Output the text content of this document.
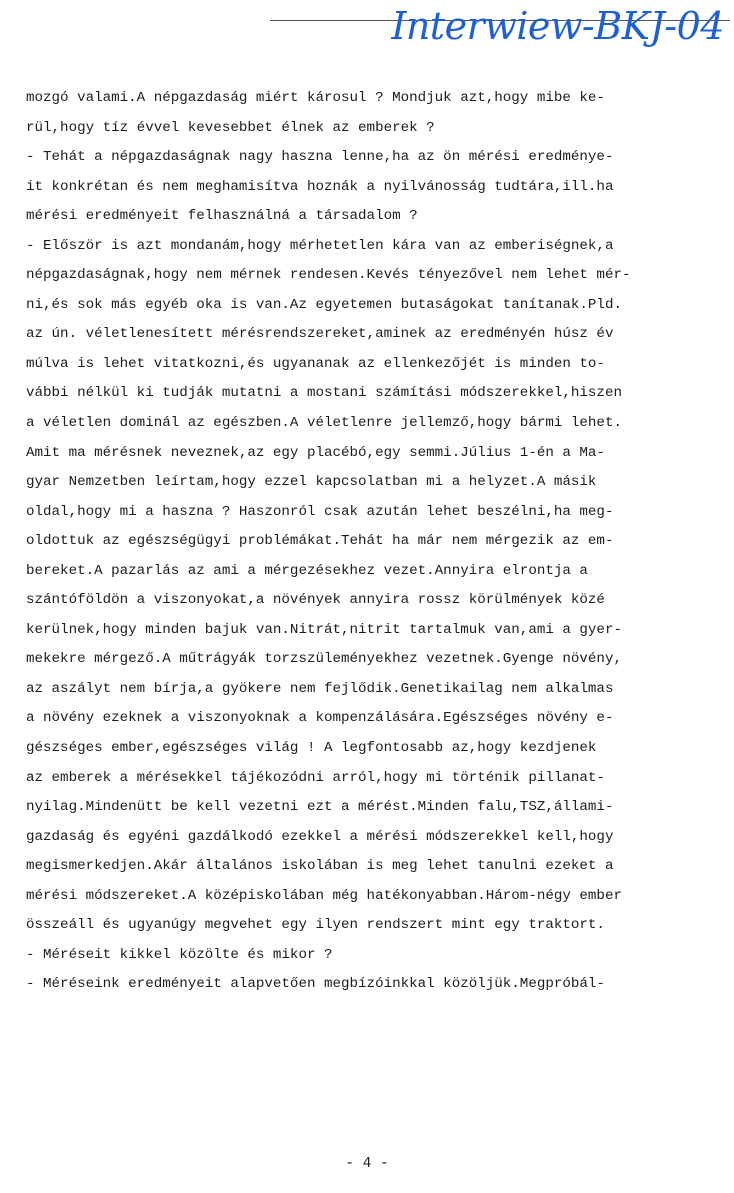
Interwiew-BKJ-04
mozgó valami.A népgazdaság miért károsul ? Mondjuk azt,hogy mibe ke-
rül,hogy tíz évvel kevesebbet élnek az emberek ?
- Tehát a népgazdaságnak nagy haszna lenne,ha az ön mérési eredménye-
it konkrétan és nem meghamisítva hoznák a nyilvánosság tudtára,ill.ha
mérési eredményeit felhasználná a társadalom ?
- Először is azt mondanám,hogy mérhetetlen kára van az emberiségnek,a
népgazdaságnak,hogy nem mérnek rendesen.Kevés tényezővel nem lehet mér-
ni,és sok más egyéb oka is van.Az egyetemen butaságokat tanítanak.Pld.
az ún. véletlenesített mérésrendszereket,aminek az eredményén húsz év
múlva is lehet vitatkozni,és ugyananak az ellenkezőjét is minden to-
vábbi nélkül ki tudják mutatni a mostani számítási módszerekkel,hiszen
a véletlen dominál az egészben.A véletlenre jellemző,hogy bármi lehet.
Amit ma mérésnek neveznek,az egy placébó,egy semmi.Július 1-én a Ma-
gyar Nemzetben leírtam,hogy ezzel kapcsolatban mi a helyzet.A másik
oldal,hogy mi a haszna ? Haszonról csak azután lehet beszélni,ha meg-
oldottuk az egészségügyi problémákat.Tehát ha már nem mérgezik az em-
bereket.A pazarlás az ami a mérgezésekhez vezet.Annyira elrontja a
szántóföldön a viszonyokat,a növények annyira rossz körülmények közé
kerülnek,hogy minden bajuk van.Nitrát,nitrit tartalmuk van,ami a gyer-
mekekre mérgező.A műtrágyák torzszüleményekhez vezetnek.Gyenge növény,
az aszályt nem bírja,a gyökere nem fejlődik.Genetikailag nem alkalmas
a növény ezeknek a viszonyoknak a kompenzálására.Egészséges növény e-
gészséges ember,egészséges világ ! A legfontosabb az,hogy kezdjenek
az emberek a mérésekkel tájékozódni arról,hogy mi történik pillanat-
nyilag.Mindenütt be kell vezetni ezt a mérést.Minden falu,TSZ,állami-
gazdaság és egyéni gazdálkodó ezekkel a mérési módszerekkel kell,hogy
megismerkedjen.Akár általános iskolában is meg lehet tanulni ezeket a
mérési módszereket.A középiskolában még hatékonyabban.Három-négy ember
összeáll és ugyanúgy megvehet egy ilyen rendszert mint egy traktort.
- Méréseit kikkel közölte és mikor ?
- Méréseink eredményeit alapvetően megbízóinkkal közöljük.Megpróbál-
- 4 -
